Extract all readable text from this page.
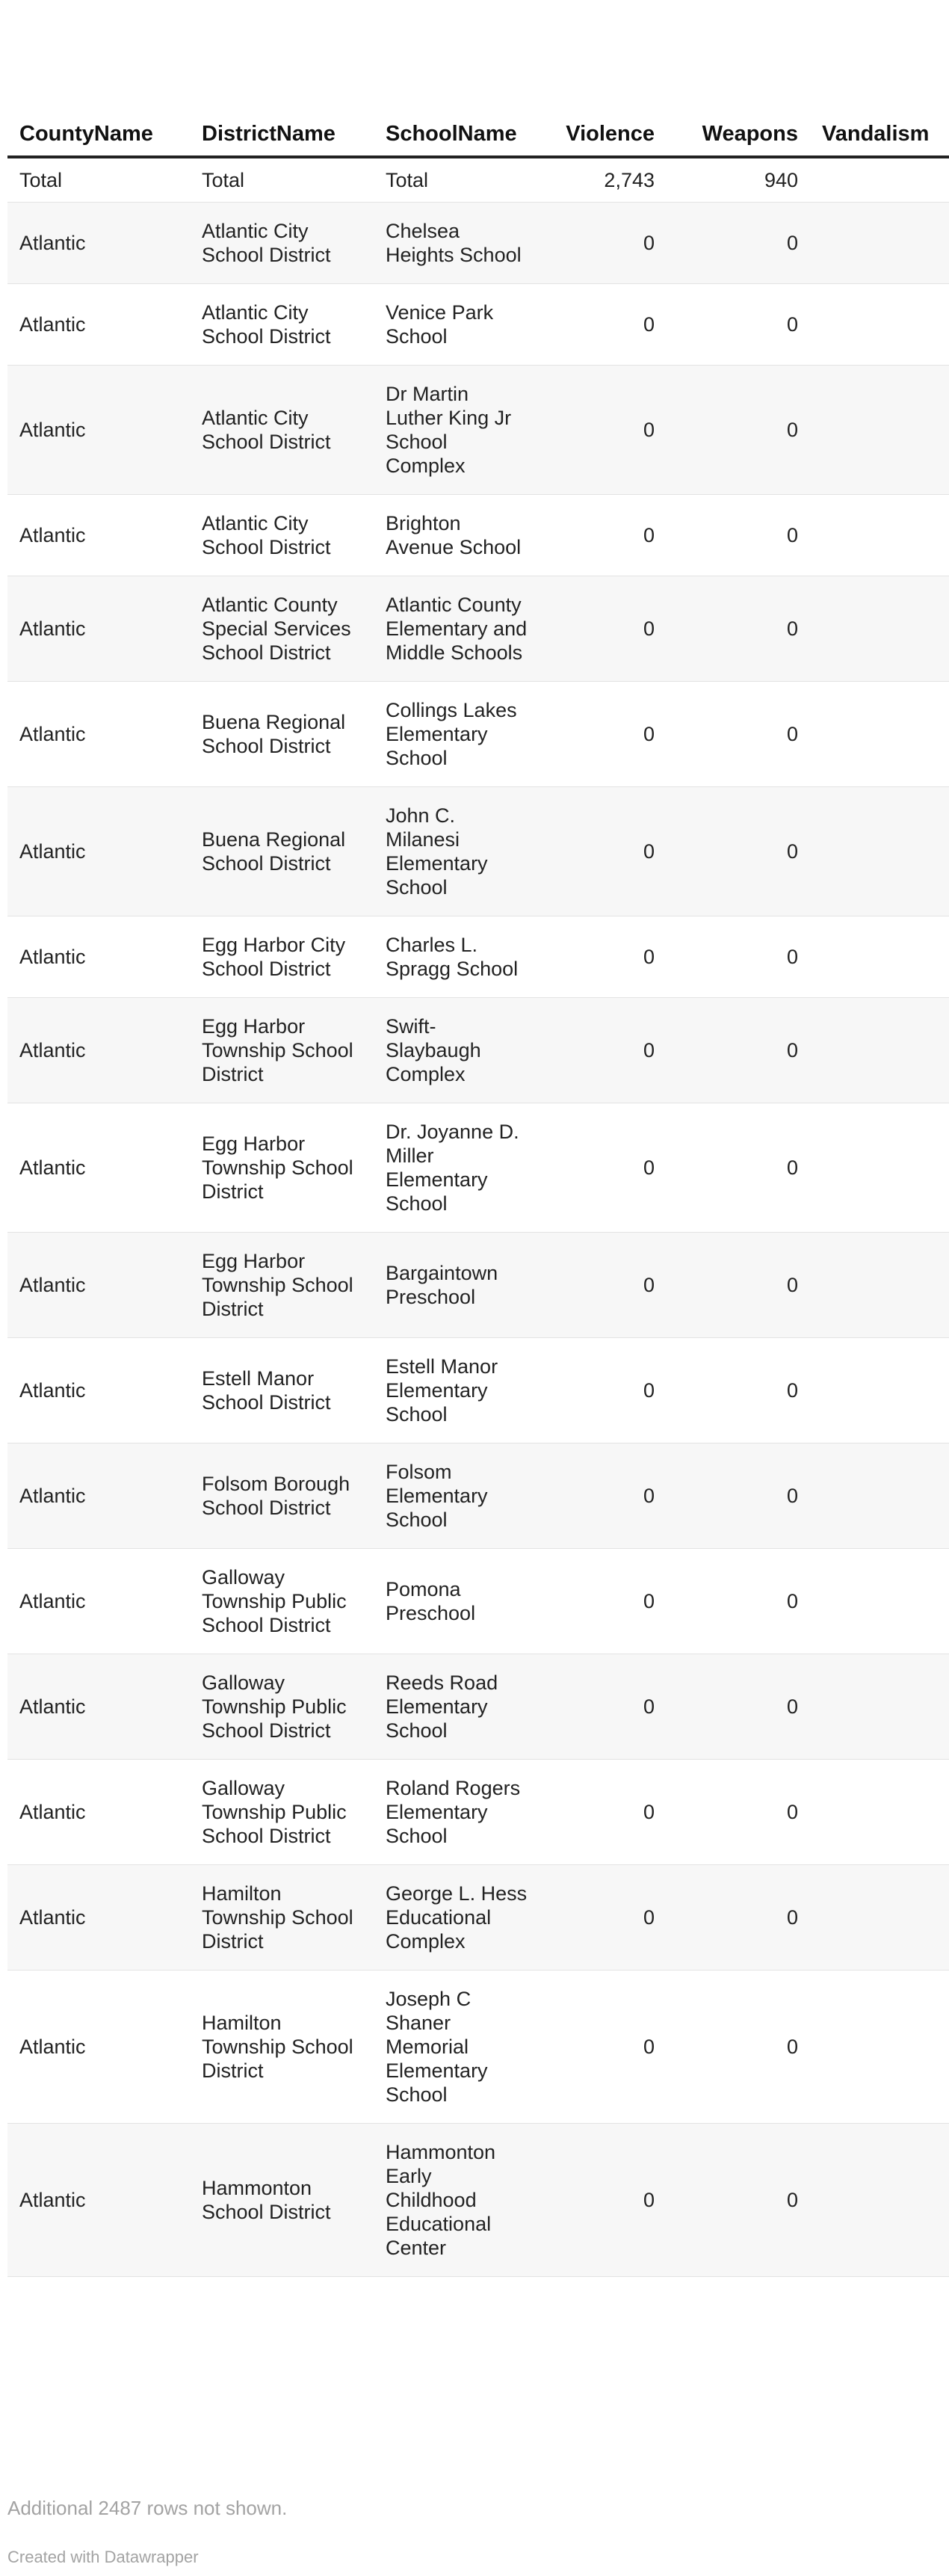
CountyName	DistrictName	SchoolName	Violence	Weapons	Vandalism
Total	Total	Total	2,743	940	
Atlantic	Atlantic City School District	Chelsea Heights School	0	0	
Atlantic	Atlantic City School District	Venice Park School	0	0	
Atlantic	Atlantic City School District	Dr Martin Luther King Jr School Complex	0	0	
Atlantic	Atlantic City School District	Brighton Avenue School	0	0	
Atlantic	Atlantic County Special Services School District	Atlantic County Elementary and Middle Schools	0	0	
Atlantic	Buena Regional School District	Collings Lakes Elementary School	0	0	
Atlantic	Buena Regional School District	John C. Milanesi Elementary School	0	0	
Atlantic	Egg Harbor City School District	Charles L. Spragg School	0	0	
Atlantic	Egg Harbor Township School District	Swift-Slaybaugh Complex	0	0	
Atlantic	Egg Harbor Township School District	Dr. Joyanne D. Miller Elementary School	0	0	
Atlantic	Egg Harbor Township School District	Bargaintown Preschool	0	0	
Atlantic	Estell Manor School District	Estell Manor Elementary School	0	0	
Atlantic	Folsom Borough School District	Folsom Elementary School	0	0	
Atlantic	Galloway Township Public School District	Pomona Preschool	0	0	
Atlantic	Galloway Township Public School District	Reeds Road Elementary School	0	0	
Atlantic	Galloway Township Public School District	Roland Rogers Elementary School	0	0	
Atlantic	Hamilton Township School District	George L. Hess Educational Complex	0	0	
Atlantic	Hamilton Township School District	Joseph C Shaner Memorial Elementary School	0	0	
Atlantic	Hammonton School District	Hammonton Early Childhood Educational Center	0	0	
Additional 2487 rows not shown.
Created with Datawrapper
